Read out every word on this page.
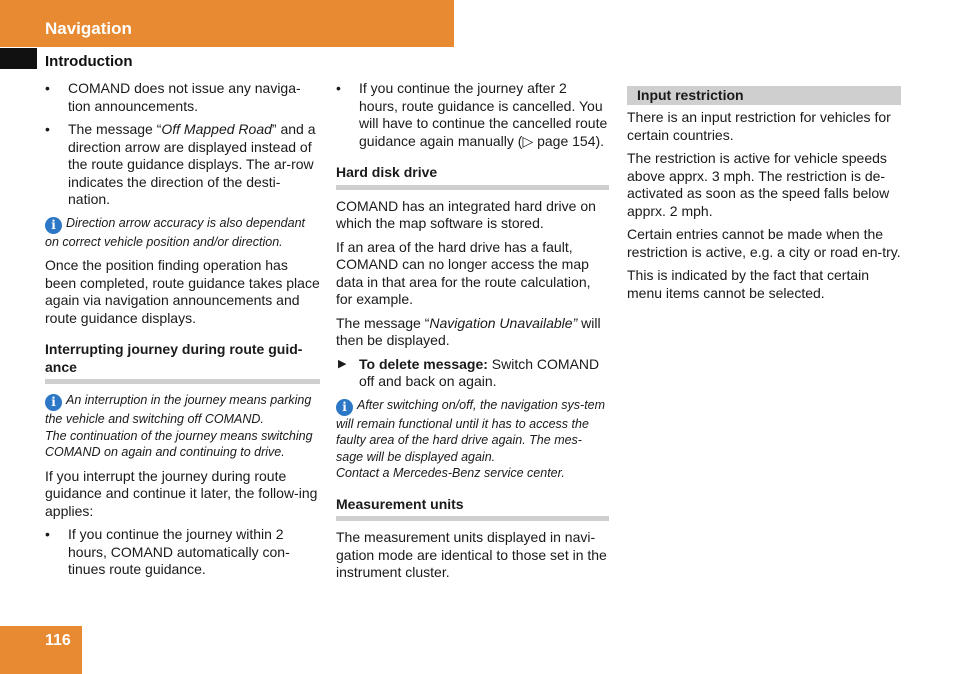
Navigation
Introduction
• COMAND does not issue any naviga-tion announcements.
• The message “Off Mapped Road” and a direction arrow are displayed instead of the route guidance displays. The ar-row indicates the direction of the desti-nation.

i Direction arrow accuracy is also dependant on correct vehicle position and/or direction.

Once the position finding operation has been completed, route guidance takes place again via navigation announcements and route guidance displays.

Interrupting journey during route guid-ance

i An interruption in the journey means parking the vehicle and switching off COMAND.

The continuation of the journey means switching COMAND on again and continuing to drive.

If you interrupt the journey during route guidance and continue it later, the follow-ing applies:

• If you continue the journey within 2 hours, COMAND automatically con-tinues route guidance.
• If you continue the journey after 2 hours, route guidance is cancelled. You will have to continue the cancelled route guidance again manually (▷ page 154).
Hard disk drive

COMAND has an integrated hard drive on which the map software is stored.

If an area of the hard drive has a fault, COMAND can no longer access the map data in that area for the route calculation, for example.

The message “Navigation Unavailable” will then be displayed.

▶ To delete message: Switch COMAND off and back on again.

i After switching on/off, the navigation sys-tem will remain functional until it has to access the faulty area of the hard drive again. The mes-sage will be displayed again.

Contact a Mercedes-Benz service center.

Measurement units

The measurement units displayed in navi-gation mode are identical to those set in the instrument cluster.

Input restriction

There is an input restriction for vehicles for certain countries.

The restriction is active for vehicle speeds above apprx. 3 mph. The restriction is de-activated as soon as the speed falls below apprx. 2 mph.

Certain entries cannot be made when the restriction is active, e.g. a city or road en-try.

This is indicated by the fact that certain menu items cannot be selected.

116
